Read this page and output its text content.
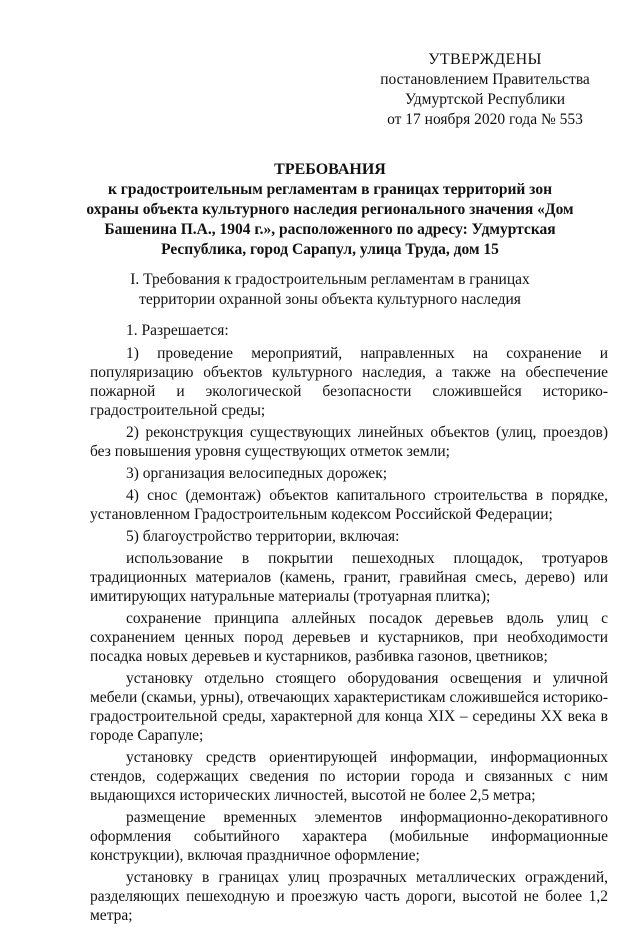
УТВЕРЖДЕНЫ
постановлением Правительства
Удмуртской Республики
от 17 ноября 2020 года № 553
ТРЕБОВАНИЯ
к градостроительным регламентам в границах территорий зон охраны объекта культурного наследия регионального значения «Дом Башенина П.А., 1904 г.», расположенного по адресу: Удмуртская Республика, город Сарапул, улица Труда, дом 15
I. Требования к градостроительным регламентам в границах территории охранной зоны объекта культурного наследия

1. Разрешается:

1) проведение мероприятий, направленных на сохранение и популяризацию объектов культурного наследия, а также на обеспечение пожарной и экологической безопасности сложившейся историко-градостроительной среды;

2) реконструкция существующих линейных объектов (улиц, проездов) без повышения уровня существующих отметок земли;

3) организация велосипедных дорожек;

4) снос (демонтаж) объектов капитального строительства в порядке, установленном Градостроительным кодексом Российской Федерации;

5) благоустройство территории, включая:

использование в покрытии пешеходных площадок, тротуаров традиционных материалов (камень, гранит, гравийная смесь, дерево) или имитирующих натуральные материалы (тротуарная плитка);

сохранение принципа аллейных посадок деревьев вдоль улиц с сохранением ценных пород деревьев и кустарников, при необходимости посадка новых деревьев и кустарников, разбивка газонов, цветников;

установку отдельно стоящего оборудования освещения и уличной мебели (скамьи, урны), отвечающих характеристикам сложившейся историко-градостроительной среды, характерной для конца XIX – середины XX века в городе Сарапуле;

установку средств ориентирующей информации, информационных стендов, содержащих сведения по истории города и связанных с ним выдающихся исторических личностей, высотой не более 2,5 метра;

размещение временных элементов информационно-декоративного оформления событийного характера (мобильные информационные конструкции), включая праздничное оформление;

установку в границах улиц прозрачных металлических ограждений, разделяющих пешеходную и проезжую часть дороги, высотой не более 1,2 метра;
